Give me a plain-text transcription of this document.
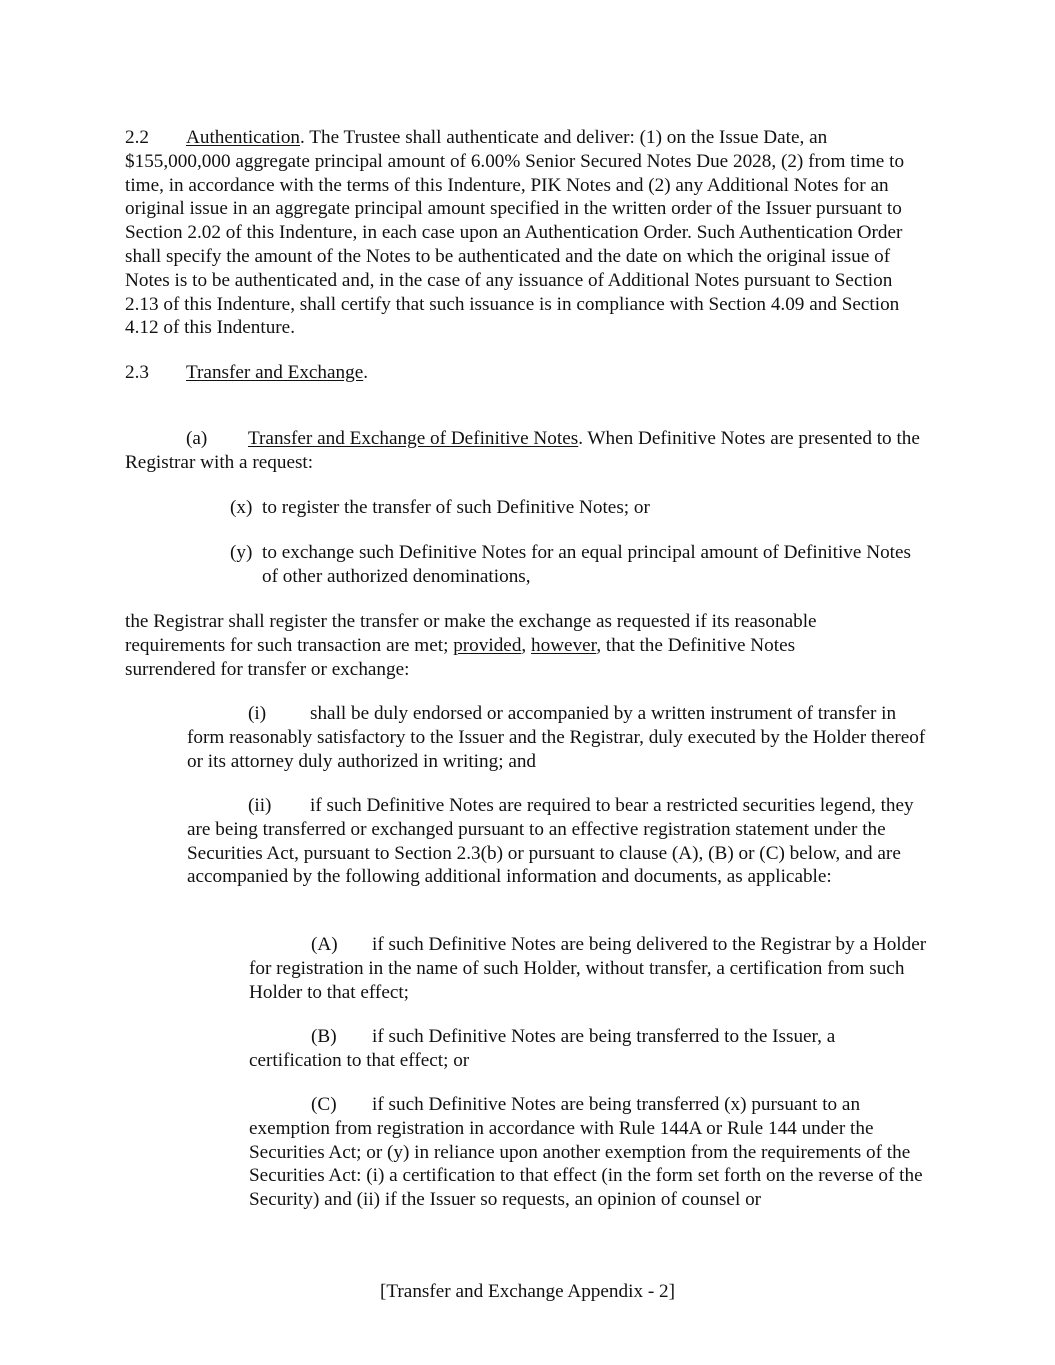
2.2 Authentication. The Trustee shall authenticate and deliver: (1) on the Issue Date, an $155,000,000 aggregate principal amount of 6.00% Senior Secured Notes Due 2028, (2) from time to time, in accordance with the terms of this Indenture, PIK Notes and (2) any Additional Notes for an original issue in an aggregate principal amount specified in the written order of the Issuer pursuant to Section 2.02 of this Indenture, in each case upon an Authentication Order. Such Authentication Order shall specify the amount of the Notes to be authenticated and the date on which the original issue of Notes is to be authenticated and, in the case of any issuance of Additional Notes pursuant to Section 2.13 of this Indenture, shall certify that such issuance is in compliance with Section 4.09 and Section 4.12 of this Indenture.

2.3 Transfer and Exchange.

(a) Transfer and Exchange of Definitive Notes. When Definitive Notes are presented to the Registrar with a request:

(x) to register the transfer of such Definitive Notes; or

(y) to exchange such Definitive Notes for an equal principal amount of Definitive Notes of other authorized denominations,

the Registrar shall register the transfer or make the exchange as requested if its reasonable requirements for such transaction are met; provided, however, that the Definitive Notes surrendered for transfer or exchange:

(i) shall be duly endorsed or accompanied by a written instrument of transfer in form reasonably satisfactory to the Issuer and the Registrar, duly executed by the Holder thereof or its attorney duly authorized in writing; and

(ii) if such Definitive Notes are required to bear a restricted securities legend, they are being transferred or exchanged pursuant to an effective registration statement under the Securities Act, pursuant to Section 2.3(b) or pursuant to clause (A), (B) or (C) below, and are accompanied by the following additional information and documents, as applicable:

(A) if such Definitive Notes are being delivered to the Registrar by a Holder for registration in the name of such Holder, without transfer, a certification from such Holder to that effect;

(B) if such Definitive Notes are being transferred to the Issuer, a certification to that effect; or

(C) if such Definitive Notes are being transferred (x) pursuant to an exemption from registration in accordance with Rule 144A or Rule 144 under the Securities Act; or (y) in reliance upon another exemption from the requirements of the Securities Act: (i) a certification to that effect (in the form set forth on the reverse of the Security) and (ii) if the Issuer so requests, an opinion of counsel or

[Transfer and Exchange Appendix - 2]
